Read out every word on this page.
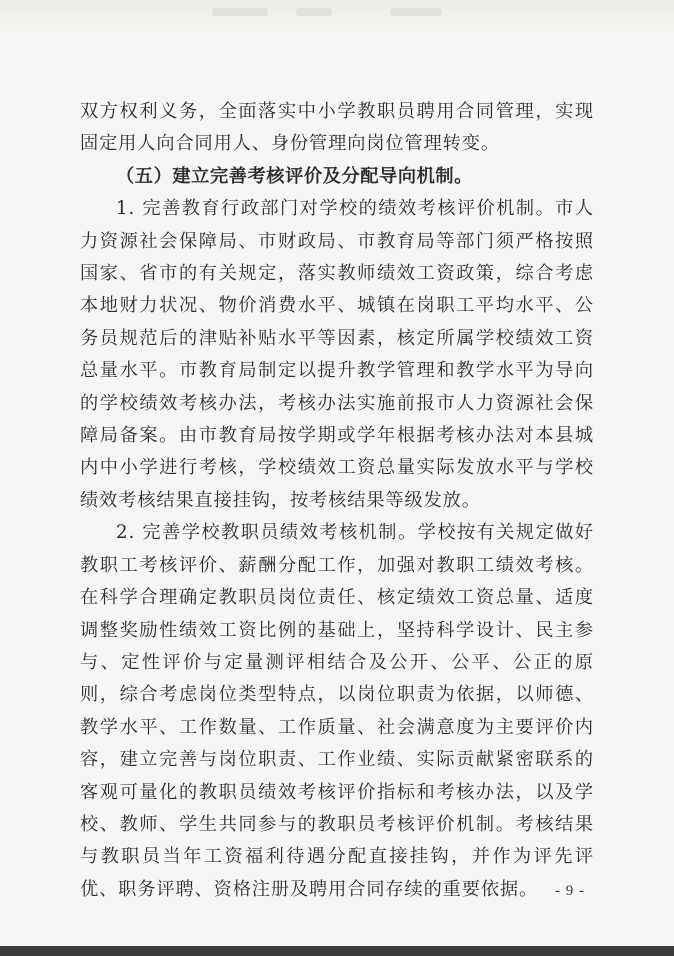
双方权利义务，全面落实中小学教职员聘用合同管理，实现固定用人向合同用人、身份管理向岗位管理转变。

（五）建立完善考核评价及分配导向机制。

1. 完善教育行政部门对学校的绩效考核评价机制。市人力资源社会保障局、市财政局、市教育局等部门须严格按照国家、省市的有关规定，落实教师绩效工资政策，综合考虑本地财力状况、物价消费水平、城镇在岗职工平均水平、公务员规范后的津贴补贴水平等因素，核定所属学校绩效工资总量水平。市教育局制定以提升教学管理和教学水平为导向的学校绩效考核办法，考核办法实施前报市人力资源社会保障局备案。由市教育局按学期或学年根据考核办法对本县城内中小学进行考核，学校绩效工资总量实际发放水平与学校绩效考核结果直接挂钩，按考核结果等级发放。

2. 完善学校教职员绩效考核机制。学校按有关规定做好教职工考核评价、薪酬分配工作，加强对教职工绩效考核。在科学合理确定教职员岗位责任、核定绩效工资总量、适度调整奖励性绩效工资比例的基础上，坚持科学设计、民主参与、定性评价与定量测评相结合及公开、公平、公正的原则，综合考虑岗位类型特点，以岗位职责为依据，以师德、教学水平、工作数量、工作质量、社会满意度为主要评价内容，建立完善与岗位职责、工作业绩、实际贡献紧密联系的客观可量化的教职员绩效考核评价指标和考核办法，以及学校、教师、学生共同参与的教职员考核评价机制。考核结果与教职员当年工资福利待遇分配直接挂钩，并作为评先评优、职务评聘、资格注册及聘用合同存续的重要依据。	- 9 -
